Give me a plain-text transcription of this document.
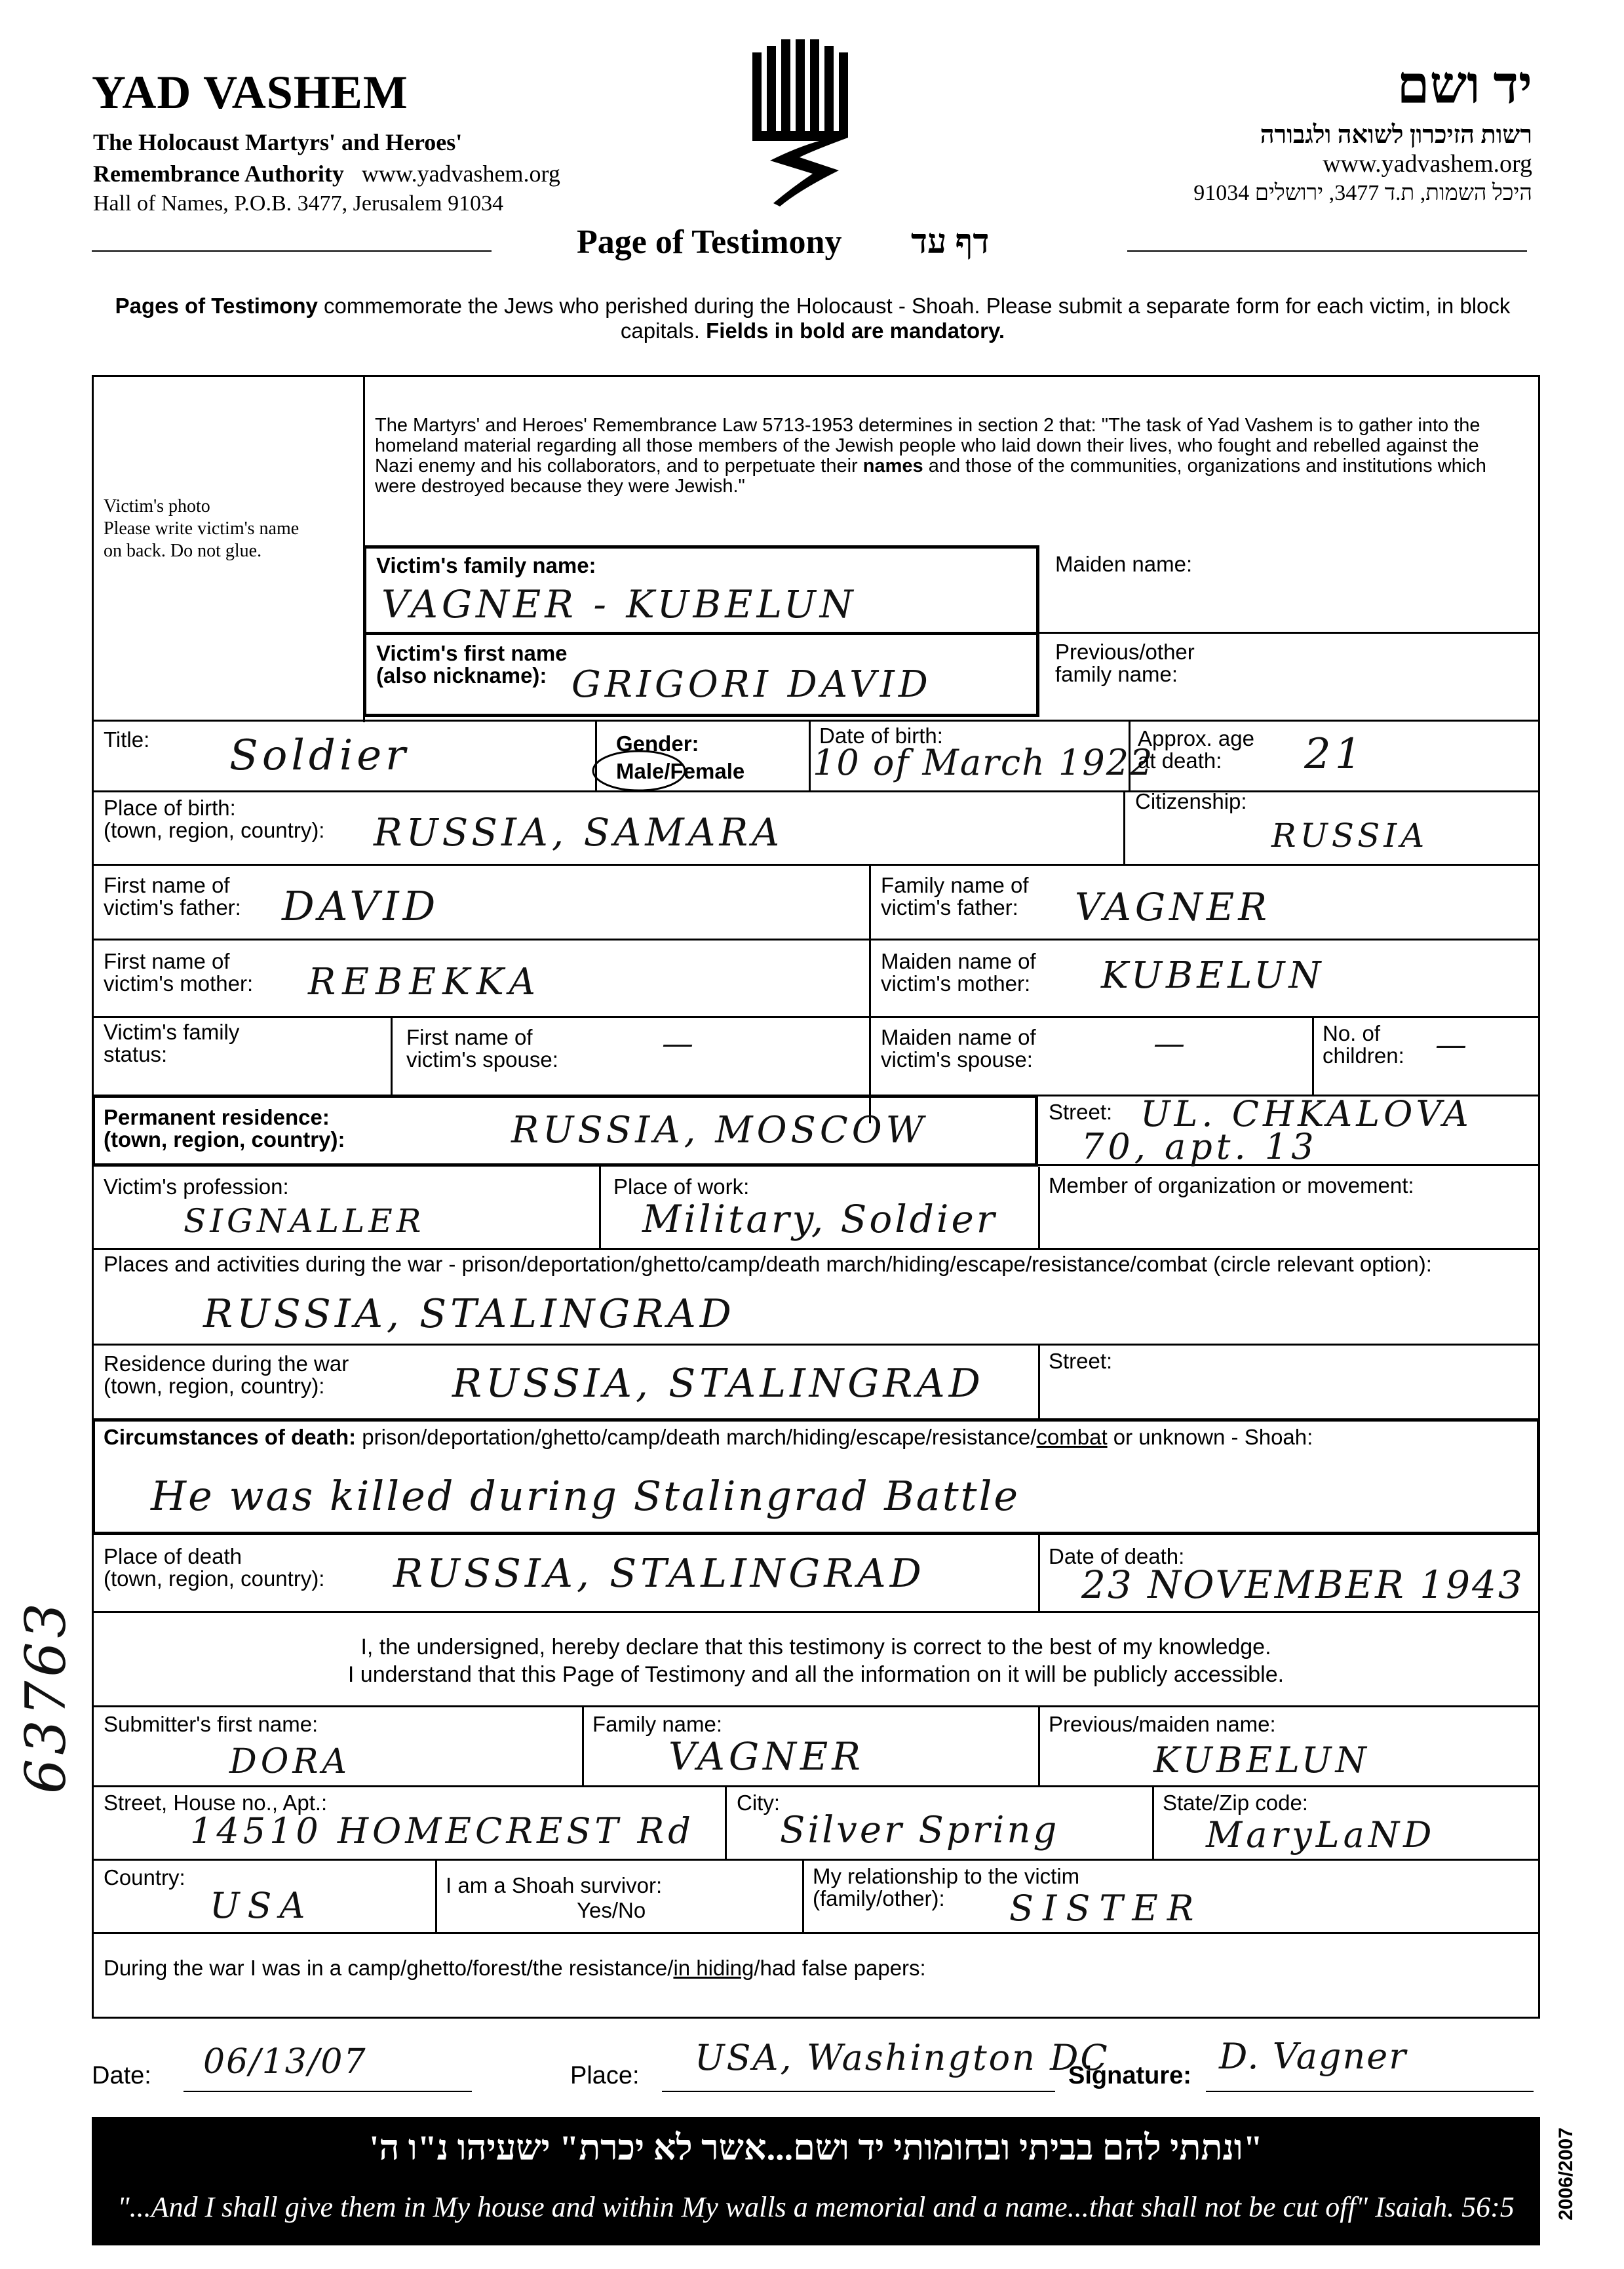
YAD VASHEM
The Holocaust Martyrs' and Heroes'
Remembrance Authority www.yadvashem.org
Hall of Names, P.O.B. 3477, Jerusalem 91034
יד ושם
רשות הזיכרון לשואה ולגבורה
www.yadvashem.org
היכל השמות, ת.ד 3477, ירושלים 91034
Page of Testimony דף עד
Pages of Testimony commemorate the Jews who perished during the Holocaust - Shoah. Please submit a separate form for each victim, in block capitals. Fields in bold are mandatory.
Victim's photo
Please write victim's name
on back. Do not glue.
The Martyrs' and Heroes' Remembrance Law 5713-1953 determines in section 2 that: "The task of Yad Vashem is to gather into the homeland material regarding all those members of the Jewish people who laid down their lives, who fought and rebelled against the Nazi enemy and his collaborators, and to perpetuate their names and those of the communities, organizations and institutions which were destroyed because they were Jewish."
Victim's family name:
VAGNER - KUBELUN
Maiden name:
Victim's first name
(also nickname): GRIGORI DAVID
Previous/other
family name:
Title: Soldier	Gender:
Male/Female
Date of birth:
10 of March 1922
Approx. age
at death:	21
Place of birth:
(town, region, country): RUSSIA, SAMARA
Citizenship:
RUSSIA
First name of
victim's father: DAVID	Family name of
victim's father: VAGNER
First name of
victim's mother: REBEKKA	Maiden name of
victim's mother: KUBELUN
Victim's family
status:
First name of
victim's spouse:	—	Maiden name of
victim's spouse:	—	No. of
children: —
Permanent residence:
(town, region, country):	RUSSIA, MOSCOW	Street: UL. CHKALOVA
70, apt. 13
Victim's profession:
SIGNALLER
Place of work:
Military, Soldier
Member of organization or movement:
Places and activities during the war - prison/deportation/ghetto/camp/death march/hiding/escape/resistance/combat (circle relevant option):
RUSSIA, STALINGRAD
Residence during the war
(town, region, country):	RUSSIA, STALINGRAD	Street:
Circumstances of death: prison/deportation/ghetto/camp/death march/hiding/escape/resistance/combat or unknown - Shoah:
He was killed during Stalingrad Battle
Place of death
(town, region, country): RUSSIA, STALINGRAD	Date of death:
23 NOVEMBER 1943
I, the undersigned, hereby declare that this testimony is correct to the best of my knowledge.
I understand that this Page of Testimony and all the information on it will be publicly accessible.
Submitter's first name:
DORA
Family name:
VAGNER
Previous/maiden name:
KUBELUN
Street, House no., Apt.:
14510 HOMECREST Rd
City:
Silver Spring
State/Zip code:
MaryLaND
Country:
USA	I am a Shoah survivor:
Yes/No
My relationship to the victim
(family/other):	SISTER
During the war I was in a camp/ghetto/forest/the resistance/in hiding/had false papers:
Date: 06/13/07	Place: USA, Washington DC
Signature: D. Vagner
"ונתתי להם בביתי ובחומותי יד ושם...אשר לא יכרת" ישעיהו נ"ו ה'
"...And I shall give them in My house and within My walls a memorial and a name...that shall not be cut off" Isaiah. 56:5
6376З
2006/2007
